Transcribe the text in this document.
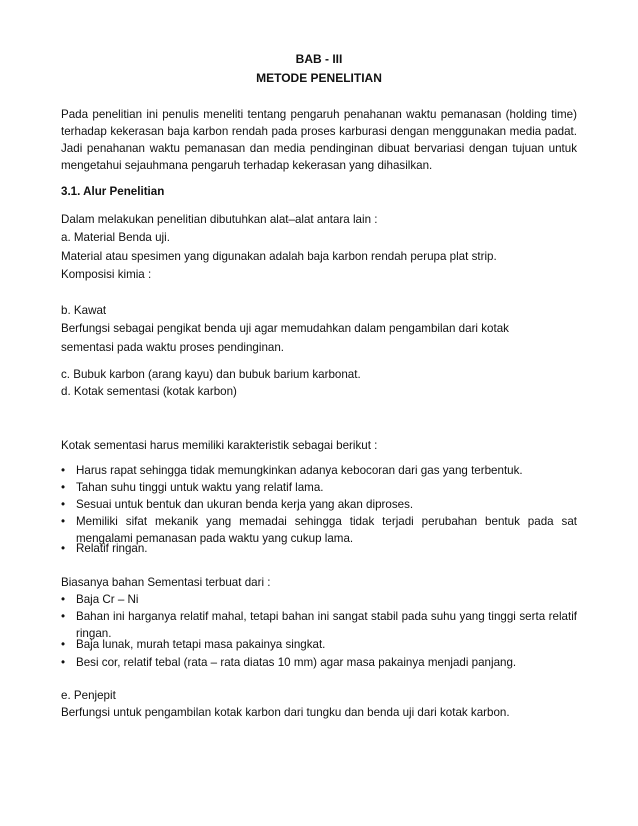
BAB - III
METODE PENELITIAN
Pada penelitian ini penulis meneliti tentang pengaruh penahanan waktu pemanasan (holding time) terhadap kekerasan baja karbon rendah pada proses karburasi dengan menggunakan media padat. Jadi penahanan waktu pemanasan dan media pendinginan dibuat bervariasi dengan tujuan untuk mengetahui sejauhmana pengaruh terhadap kekerasan yang dihasilkan.
3.1. Alur Penelitian
Dalam melakukan penelitian dibutuhkan alat–alat antara lain :
a. Material Benda uji.
Material atau spesimen yang digunakan adalah baja karbon rendah perupa plat strip.
Komposisi kimia :
b. Kawat
Berfungsi sebagai pengikat benda uji agar memudahkan dalam pengambilan dari kotak
sementasi pada waktu proses pendinginan.
c. Bubuk karbon (arang kayu) dan bubuk barium karbonat.
d. Kotak sementasi (kotak karbon)
Kotak sementasi harus memiliki karakteristik sebagai berikut :
• Harus rapat sehingga tidak memungkinkan adanya kebocoran dari gas yang terbentuk.
• Tahan suhu tinggi untuk waktu yang relatif lama.
• Sesuai untuk bentuk dan ukuran benda kerja yang akan diproses.
• Memiliki sifat mekanik yang memadai sehingga tidak terjadi perubahan bentuk pada sat mengalami pemanasan pada waktu yang cukup lama.
• Relatif ringan.
Biasanya bahan Sementasi terbuat dari :
• Baja Cr – Ni
• Bahan ini harganya relatif mahal, tetapi bahan ini sangat stabil pada suhu yang tinggi serta relatif ringan.
• Baja lunak, murah tetapi masa pakainya singkat.
• Besi cor, relatif tebal (rata – rata diatas 10 mm) agar masa pakainya menjadi panjang.
e. Penjepit
Berfungsi untuk pengambilan kotak karbon dari tungku dan benda uji dari kotak karbon.
